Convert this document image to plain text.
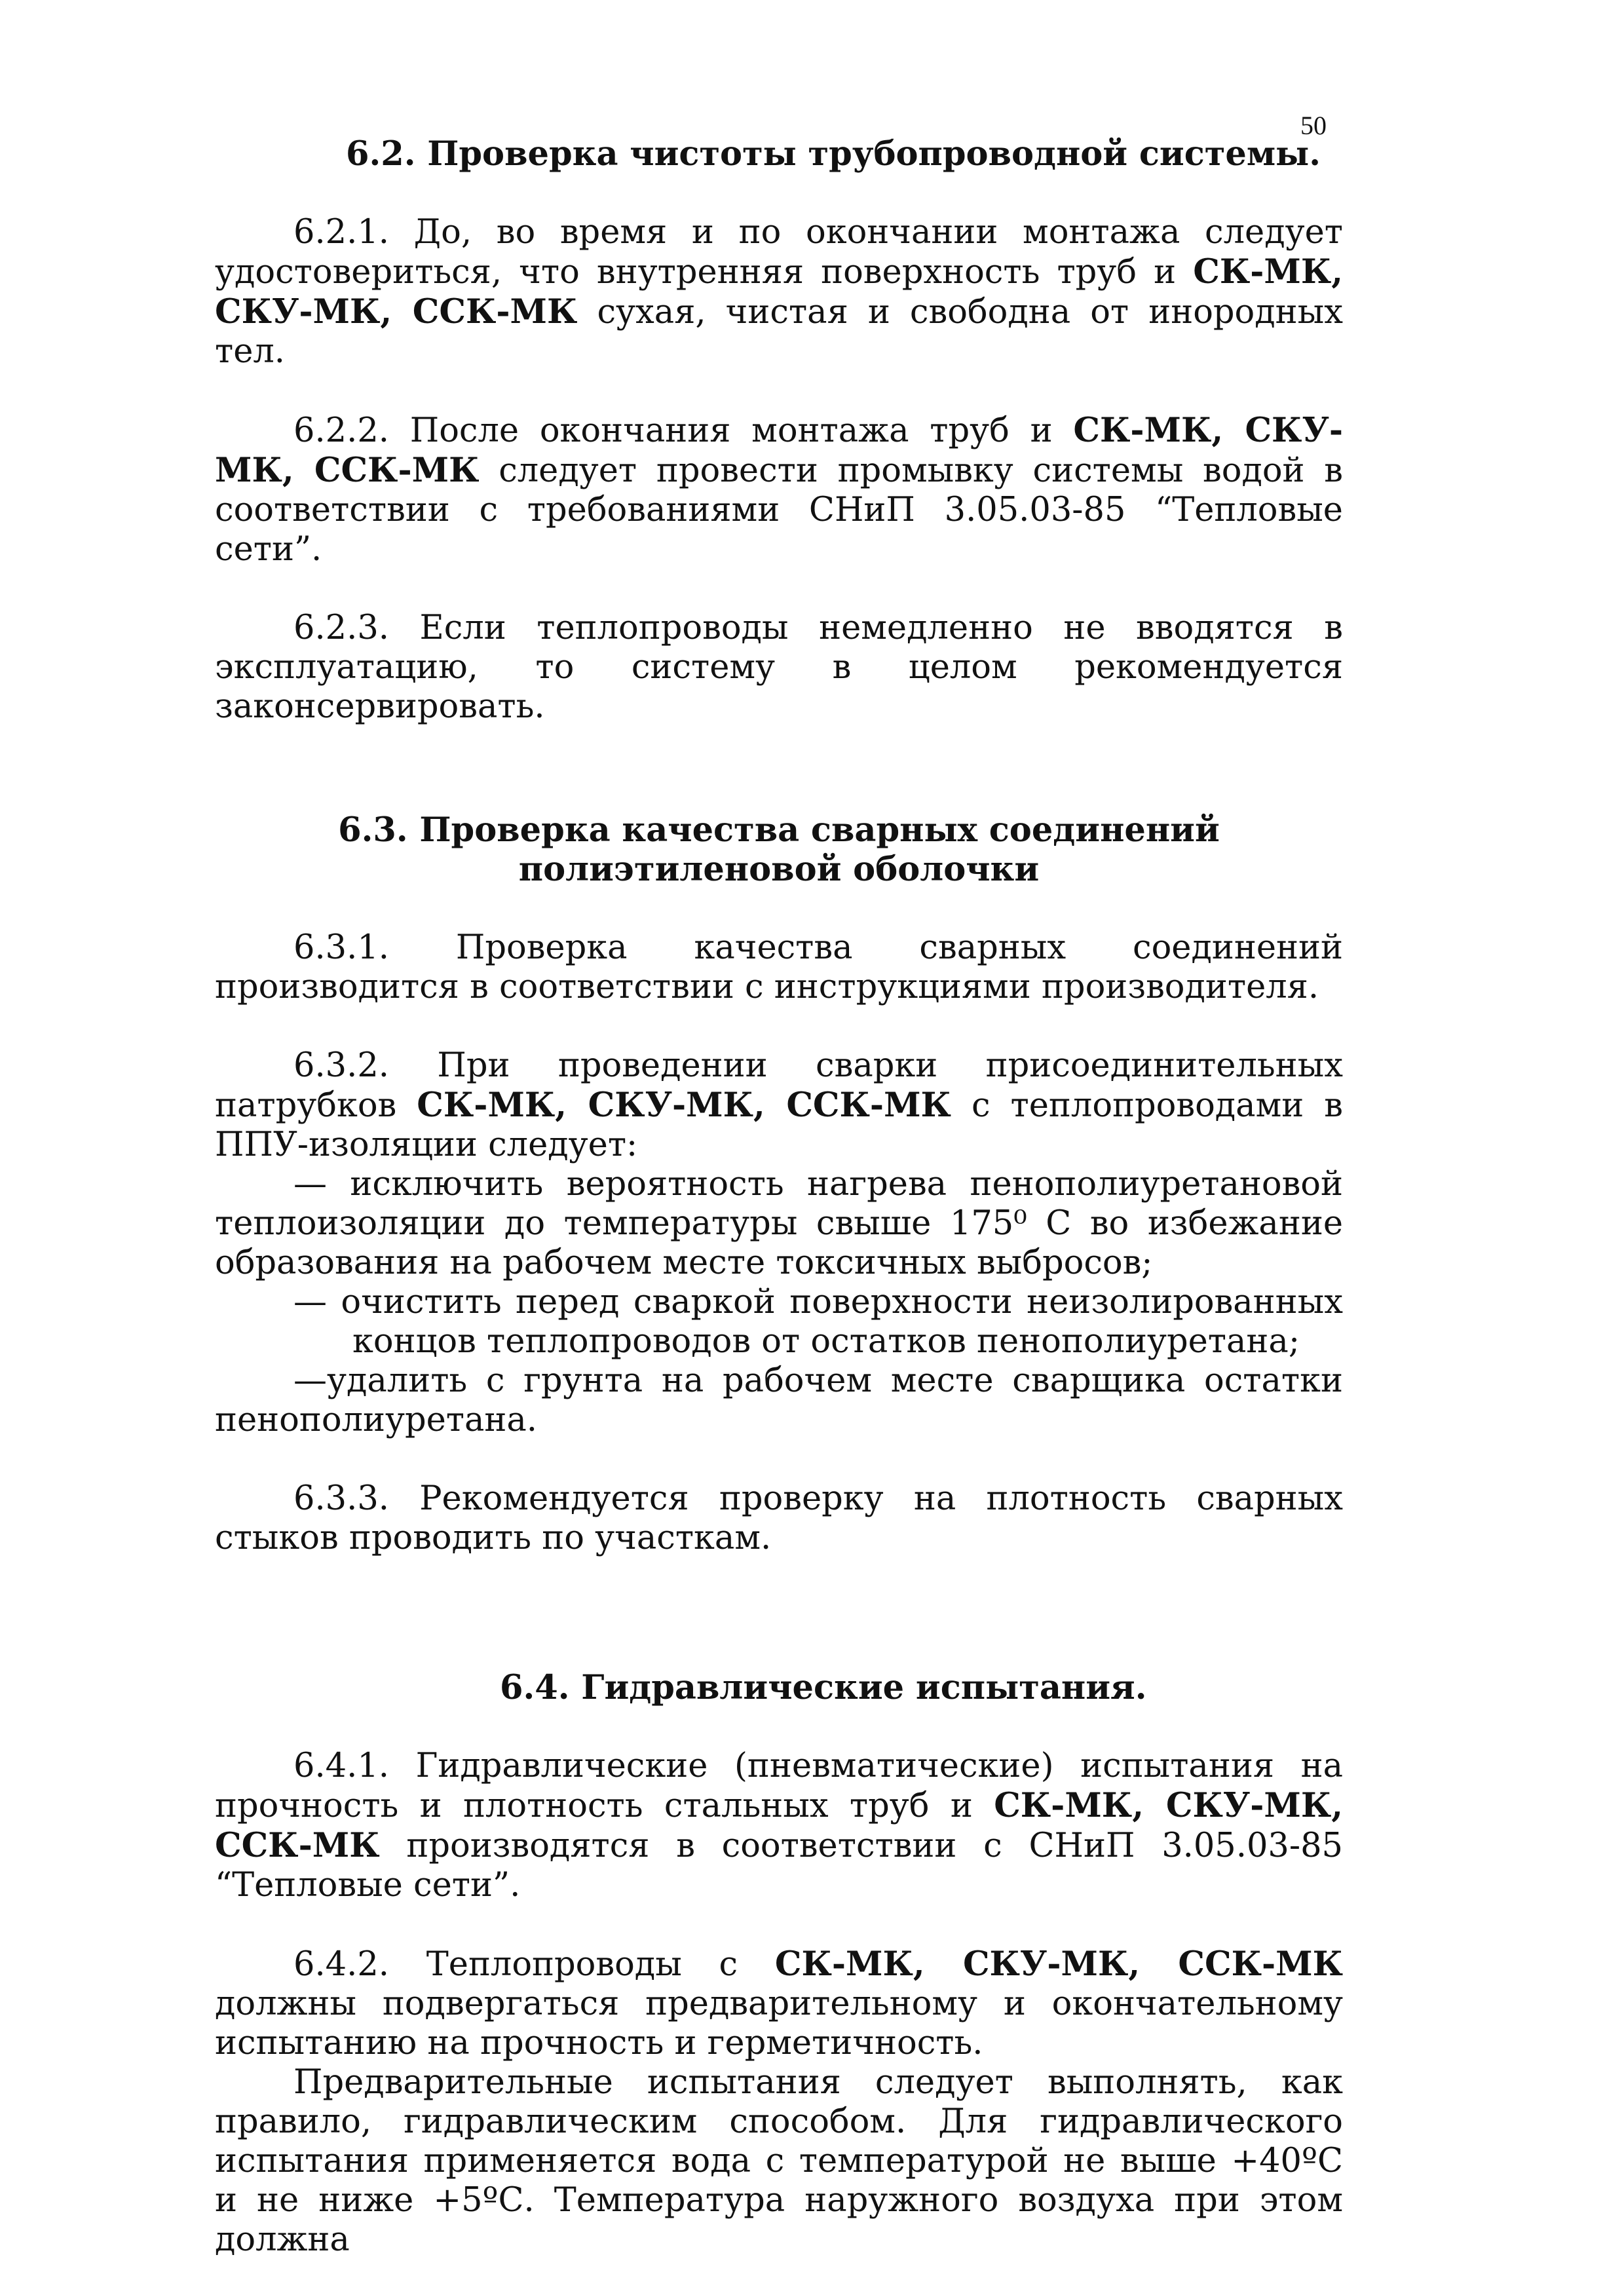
50

6.2. Проверка чистоты трубопроводной системы.

6.2.1. До, во время и по окончании монтажа следует удостовериться, что внутренняя поверхность труб и СК-МК, СКУ-МК, ССК-МК сухая, чистая и свободна от инородных тел.

6.2.2. После окончания монтажа труб и СК-МК, СКУ-МК, ССК-МК следует провести промывку системы водой в соответствии с требованиями СНиП 3.05.03-85 “Тепловые сети”.

6.2.3. Если теплопроводы немедленно не вводятся в эксплуатацию, то систему в целом рекомендуется законсервировать.

6.3. Проверка качества сварных соединений
полиэтиленовой оболочки

6.3.1. Проверка качества сварных соединений производится в соответствии с инструкциями производителя.

6.3.2. При проведении сварки присоединительных патрубков СК-МК, СКУ-МК, ССК-МК с теплопроводами в ППУ-изоляции следует:

— исключить вероятность нагрева пенополиуретановой теплоизоляции до температуры свыше 175⁰ С во избежание образования на рабочем месте токсичных выбросов;

— очистить перед сваркой поверхности неизолированных концов теплопроводов от остатков пенополиуретана;

—удалить с грунта на рабочем месте сварщика остатки пенополиуретана.

6.3.3. Рекомендуется проверку на плотность сварных стыков проводить по участкам.

6.4. Гидравлические испытания.

6.4.1. Гидравлические (пневматические) испытания на прочность и плотность стальных труб и СК-МК, СКУ-МК, ССК-МК производятся в соответствии с СНиП 3.05.03-85 “Тепловые сети”.

6.4.2. Теплопроводы с СК-МК, СКУ-МК, ССК-МК должны подвергаться предварительному и окончательному испытанию на прочность и герметичность.

Предварительные испытания следует выполнять, как правило, гидравлическим способом. Для гидравлического испытания применяется вода с температурой не выше +40ºС и не ниже +5ºС. Температура наружного воздуха при этом должна
